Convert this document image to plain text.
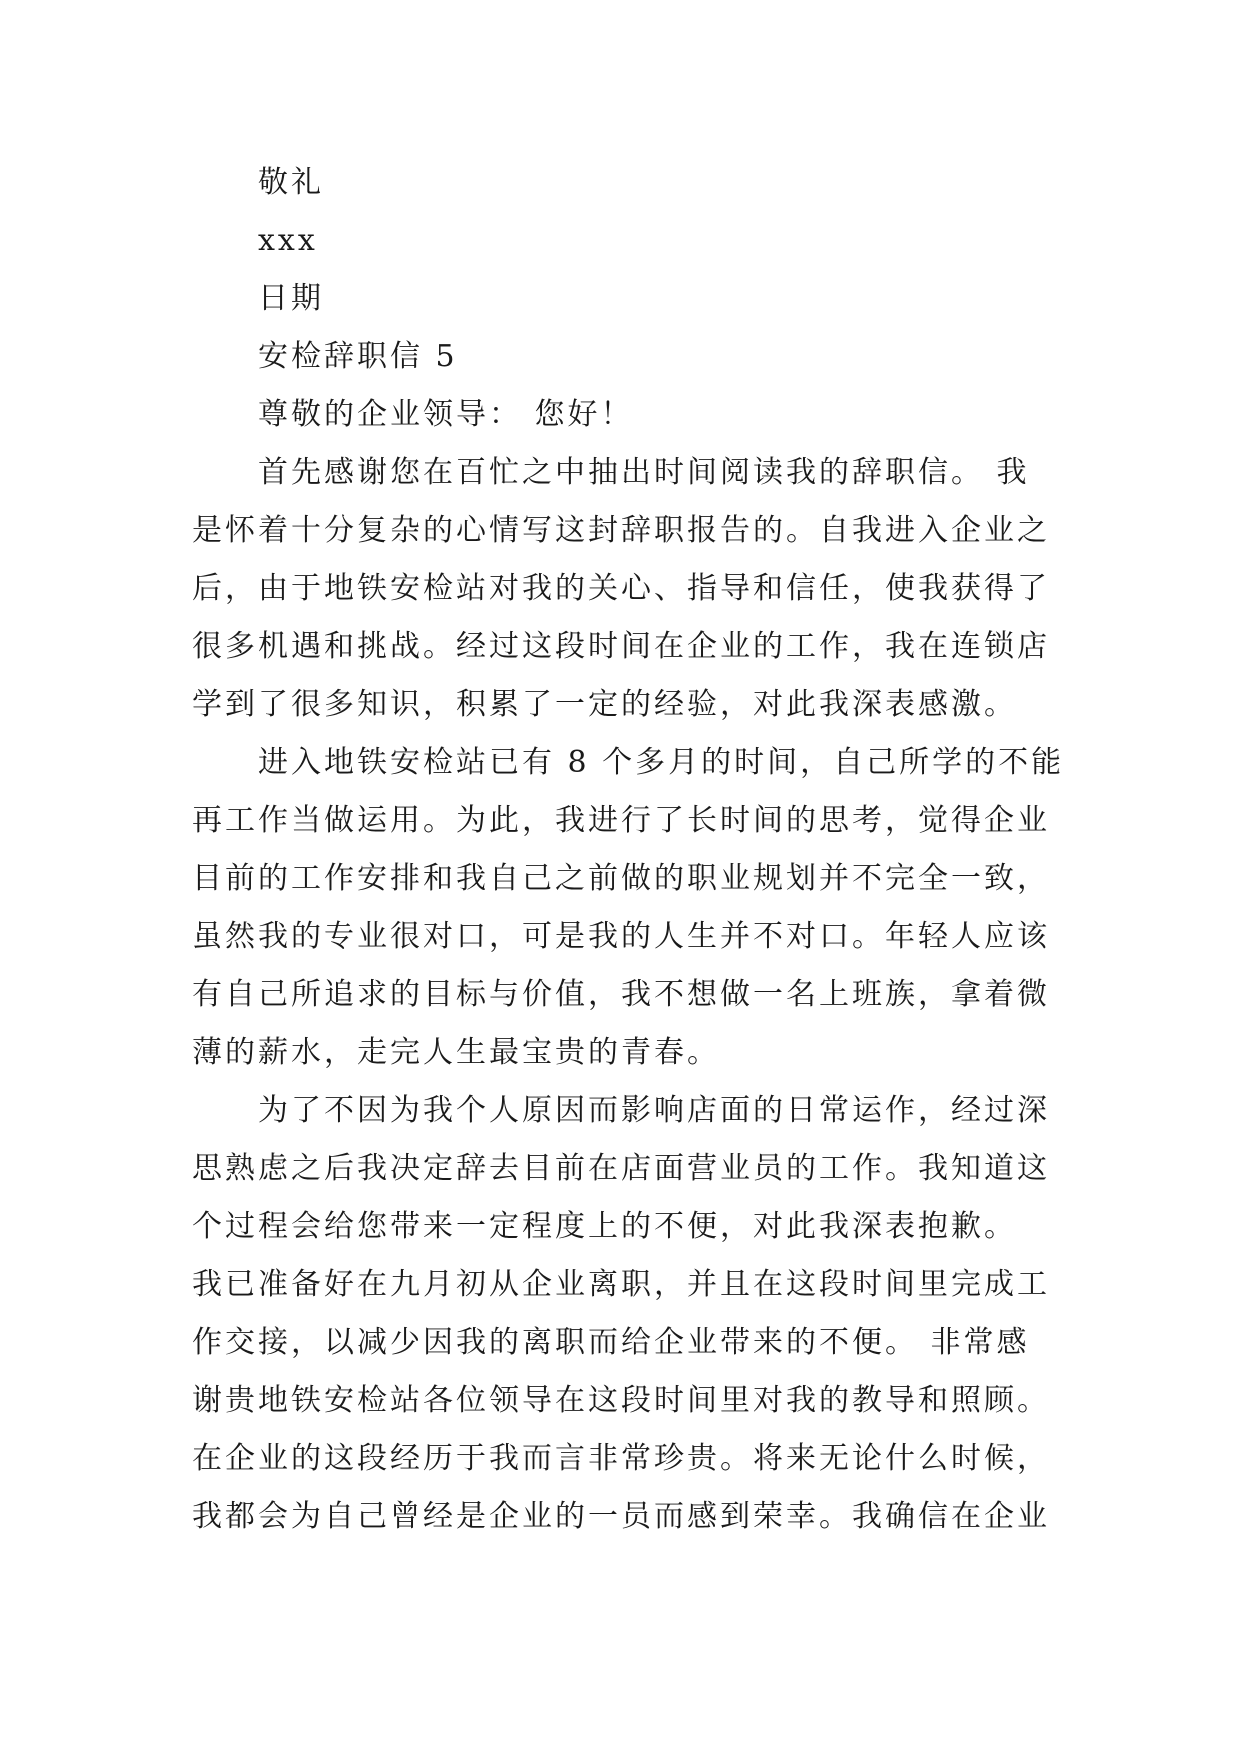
敬礼

xxx

日期

安检辞职信 5

尊敬的企业领导： 您好！

首先感谢您在百忙之中抽出时间阅读我的辞职信。 我
是怀着十分复杂的心情写这封辞职报告的。自我进入企业之
后，由于地铁安检站对我的关心、指导和信任，使我获得了
很多机遇和挑战。经过这段时间在企业的工作，我在连锁店
学到了很多知识，积累了一定的经验，对此我深表感激。
进入地铁安检站已有 8 个多月的时间，自己所学的不能
再工作当做运用。为此，我进行了长时间的思考，觉得企业
目前的工作安排和我自己之前做的职业规划并不完全一致，
虽然我的专业很对口，可是我的人生并不对口。年轻人应该
有自己所追求的目标与价值，我不想做一名上班族，拿着微
薄的薪水，走完人生最宝贵的青春。
为了不因为我个人原因而影响店面的日常运作，经过深
思熟虑之后我决定辞去目前在店面营业员的工作。我知道这
个过程会给您带来一定程度上的不便，对此我深表抱歉。
我已准备好在九月初从企业离职，并且在这段时间里完成工
作交接，以减少因我的离职而给企业带来的不便。 非常感
谢贵地铁安检站各位领导在这段时间里对我的教导和照顾。
在企业的这段经历于我而言非常珍贵。将来无论什么时候，
我都会为自己曾经是企业的一员而感到荣幸。我确信在企业
